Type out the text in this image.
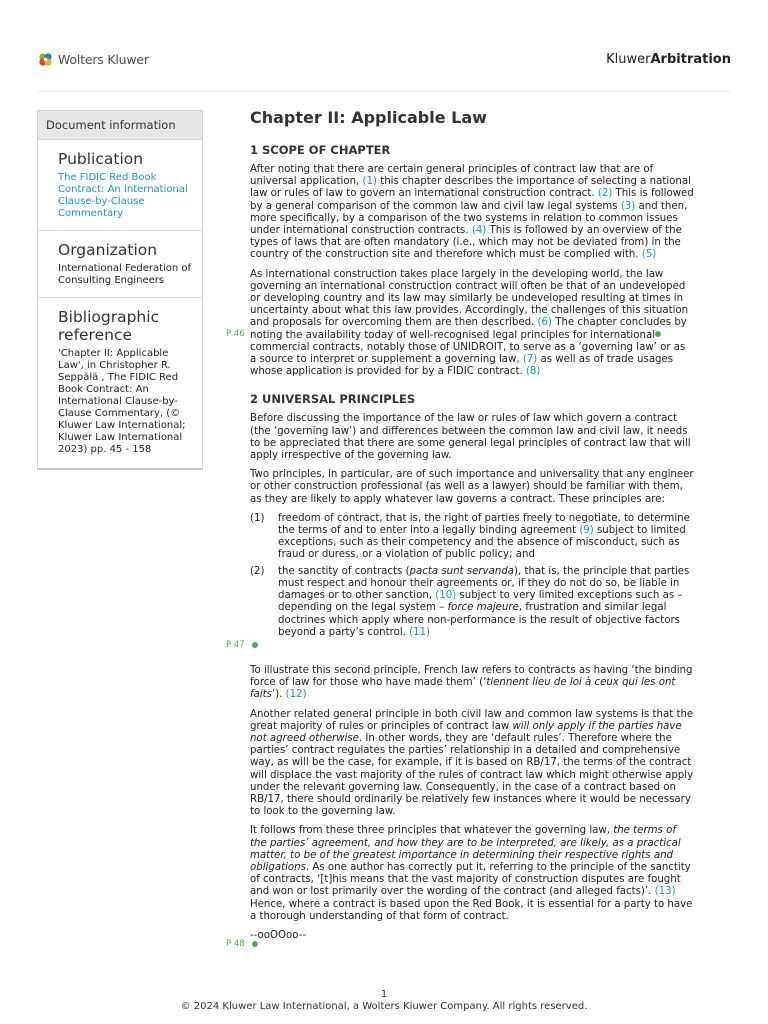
Wolters Kluwer	KluwerArbitration
Document information
Publication
The FIDIC Red Book Contract: An International Clause-by-Clause Commentary
Organization
International Federation of Consulting Engineers
Bibliographic reference
'Chapter II: Applicable Law', in Christopher R. Seppälä , The FIDIC Red Book Contract: An International Clause-by-Clause Commentary, (© Kluwer Law International; Kluwer Law International 2023) pp. 45 - 158
Chapter II: Applicable Law
1 SCOPE OF CHAPTER

After noting that there are certain general principles of contract law that are of universal application, (1) this chapter describes the importance of selecting a national law or rules of law to govern an international construction contract. (2) This is followed by a general comparison of the common law and civil law legal systems (3) and then, more specifically, by a comparison of the two systems in relation to common issues under international construction contracts. (4) This is followed by an overview of the types of laws that are often mandatory (i.e., which may not be deviated from) in the country of the construction site and therefore which must be complied with. (5)

As international construction takes place largely in the developing world, the law governing an international construction contract will often be that of an undeveloped or developing country and its law may similarly be undeveloped resulting at times in uncertainty about what this law provides. Accordingly, the challenges of this situation and proposals for overcoming them are then described. (6) The chapter concludes by noting the availability today of well-recognised legal principles for international commercial contracts, notably those of UNIDROIT, to serve as a ‘governing law’ or as a source to interpret or supplement a governing law, (7) as well as of trade usages whose application is provided for by a FIDIC contract. (8)

2 UNIVERSAL PRINCIPLES

Before discussing the importance of the law or rules of law which govern a contract (the ‘governing law’) and differences between the common law and civil law, it needs to be appreciated that there are some general legal principles of contract law that will apply irrespective of the governing law.

Two principles, in particular, are of such importance and universality that any engineer or other construction professional (as well as a lawyer) should be familiar with them, as they are likely to apply whatever law governs a contract. These principles are:

(1)	freedom of contract, that is, the right of parties freely to negotiate, to determine the terms of and to enter into a legally binding agreement (9) subject to limited exceptions, such as their competency and the absence of misconduct, such as fraud or duress, or a violation of public policy; and
(2)	the sanctity of contracts (pacta sunt servanda), that is, the principle that parties must respect and honour their agreements or, if they do not do so, be liable in damages or to other sanction, (10) subject to very limited exceptions such as – depending on the legal system – force majeure, frustration and similar legal doctrines which apply where non-performance is the result of objective factors beyond a party’s control. (11)

To illustrate this second principle, French law refers to contracts as having ‘the binding force of law for those who have made them’ (‘tiennent lieu de loi à ceux qui les ont faits’). (12)

Another related general principle in both civil law and common law systems is that the great majority of rules or principles of contract law will only apply if the parties have not agreed otherwise. In other words, they are ‘default rules’. Therefore where the parties’ contract regulates the parties’ relationship in a detailed and comprehensive way, as will be the case, for example, if it is based on RB/17, the terms of the contract will displace the vast majority of the rules of contract law which might otherwise apply under the relevant governing law. Consequently, in the case of a contract based on RB/17, there should ordinarily be relatively few instances where it would be necessary to look to the governing law.

It follows from these three principles that whatever the governing law, the terms of the parties’ agreement, and how they are to be interpreted, are likely, as a practical matter, to be of the greatest importance in determining their respective rights and obligations. As one author has correctly put it, referring to the principle of the sanctity of contracts, ‘[t]his means that the vast majority of construction disputes are fought and won or lost primarily over the wording of the contract (and alleged facts)’. (13) Hence, where a contract is based upon the Red Book, it is essential for a party to have a thorough understanding of that form of contract.

--ooOOoo--

P 46
P 47
P 48
1
© 2024 Kluwer Law International, a Wolters Kluwer Company. All rights reserved.
